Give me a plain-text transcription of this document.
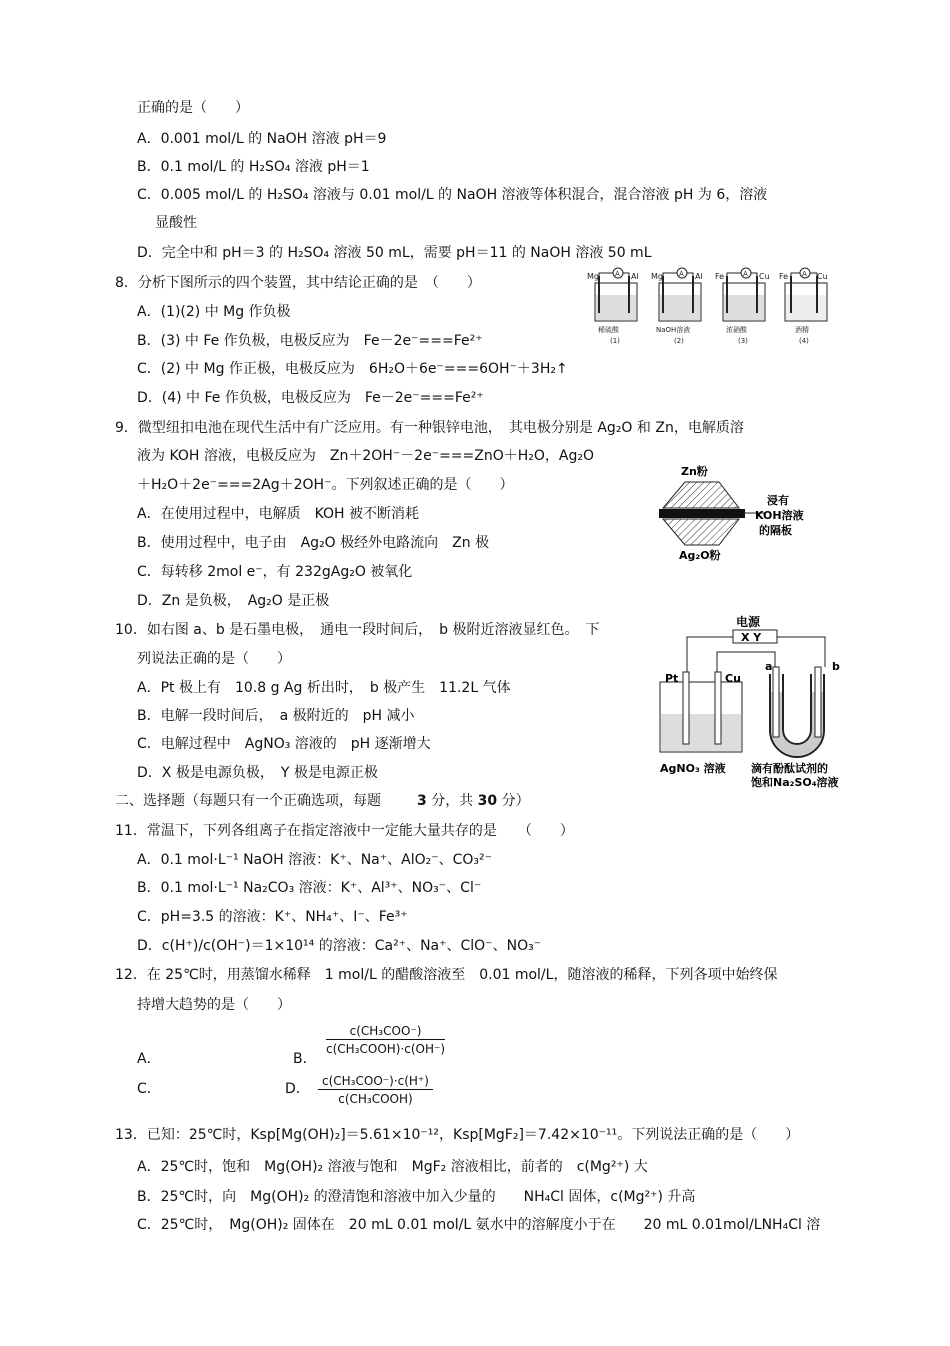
正确的是（　　）
A．0.001 mol/L 的 NaOH 溶液 pH＝9
B．0.1 mol/L 的 H₂SO₄ 溶液 pH＝1
C．0.005 mol/L 的 H₂SO₄ 溶液与 0.01 mol/L 的 NaOH 溶液等体积混合，混合溶液 pH 为 6，溶液
显酸性
D．完全中和 pH＝3 的 H₂SO₄ 溶液 50 mL，需要 pH＝11 的 NaOH 溶液 50 mL
8．分析下图所示的四个装置，其中结论正确的是　（　　）
A．(1)(2) 中 Mg 作负极
B．(3) 中 Fe 作负极，电极反应为　Fe－2e⁻===Fe²⁺
C．(2) 中 Mg 作正极，电极反应为　6H₂O＋6e⁻===6OH⁻＋3H₂↑
D．(4) 中 Fe 作负极，电极反应为　Fe－2e⁻===Fe²⁺
Mg	Al
A
稀硫酸
(1)
Mg	Al
A
NaOH溶液
(2)
Fe	Cu
A
浓硝酸
(3)
Fe	Cu
A
酒精
(4)
9．微型纽扣电池在现代生活中有广泛应用。有一种银锌电池，　其电极分别是 Ag₂O 和 Zn，电解质溶
液为 KOH 溶液，电极反应为　Zn＋2OH⁻－2e⁻===ZnO＋H₂O，Ag₂O
＋H₂O＋2e⁻===2Ag＋2OH⁻。下列叙述正确的是（　　）
A．在使用过程中，电解质　KOH 被不断消耗
B．使用过程中，电子由　Ag₂O 极经外电路流向　Zn 极
C．每转移 2mol e⁻，有 232gAg₂O 被氧化
D．Zn 是负极，　Ag₂O 是正极
Zn粉
浸有
KOH溶液
的隔板
Ag₂O粉
10．如右图 a、b 是石墨电极，　通电一段时间后，　b 极附近溶液显红色。　下
列说法正确的是（　　）
A．Pt 极上有　10.8 g Ag 析出时，　b 极产生　11.2L 气体
B．电解一段时间后，　a 极附近的　pH 减小
C．电解过程中　AgNO₃ 溶液的　pH 逐渐增大
D．X 极是电源负极，　Y 极是电源正极
电源
X Y
Pt	Cu
a	b
AgNO₃ 溶液 滴有酚酞试剂的
饱和Na₂SO₄溶液
二、选择题（每题只有一个正确选项，每题	3 分，共 30 分）
11．常温下，下列各组离子在指定溶液中一定能大量共存的是　　（　　）
A．0.1 mol·L⁻¹ NaOH 溶液：K⁺、Na⁺、AlO₂⁻、CO₃²⁻
B．0.1 mol·L⁻¹ Na₂CO₃ 溶液：K⁺、Al³⁺、NO₃⁻、Cl⁻
C．pH=3.5 的溶液：K⁺、NH₄⁺、I⁻、Fe³⁺
D．c(H⁺)/c(OH⁻)＝1×10¹⁴ 的溶液：Ca²⁺、Na⁺、ClO⁻、NO₃⁻
12．在 25℃时，用蒸馏水稀释　1 mol/L 的醋酸溶液至　0.01 mol/L，随溶液的稀释，下列各项中始终保
持增大趋势的是（　　）
A．	B．
c(CH₃COO⁻)
c(CH₃COOH)·c(OH⁻)
C．	D．	c(CH₃COO⁻)·c(H⁺)
c(CH₃COOH)
13．已知：25℃时，Ksp[Mg(OH)₂]＝5.61×10⁻¹²，Ksp[MgF₂]＝7.42×10⁻¹¹。下列说法正确的是（　　）
A．25℃时，饱和　Mg(OH)₂ 溶液与饱和　MgF₂ 溶液相比，前者的　c(Mg²⁺) 大
B．25℃时，向　Mg(OH)₂ 的澄清饱和溶液中加入少量的　　NH₄Cl 固体，c(Mg²⁺) 升高
C．25℃时，　Mg(OH)₂ 固体在　20 mL 0.01 mol/L 氨水中的溶解度小于在　　20 mL 0.01mol/LNH₄Cl 溶
